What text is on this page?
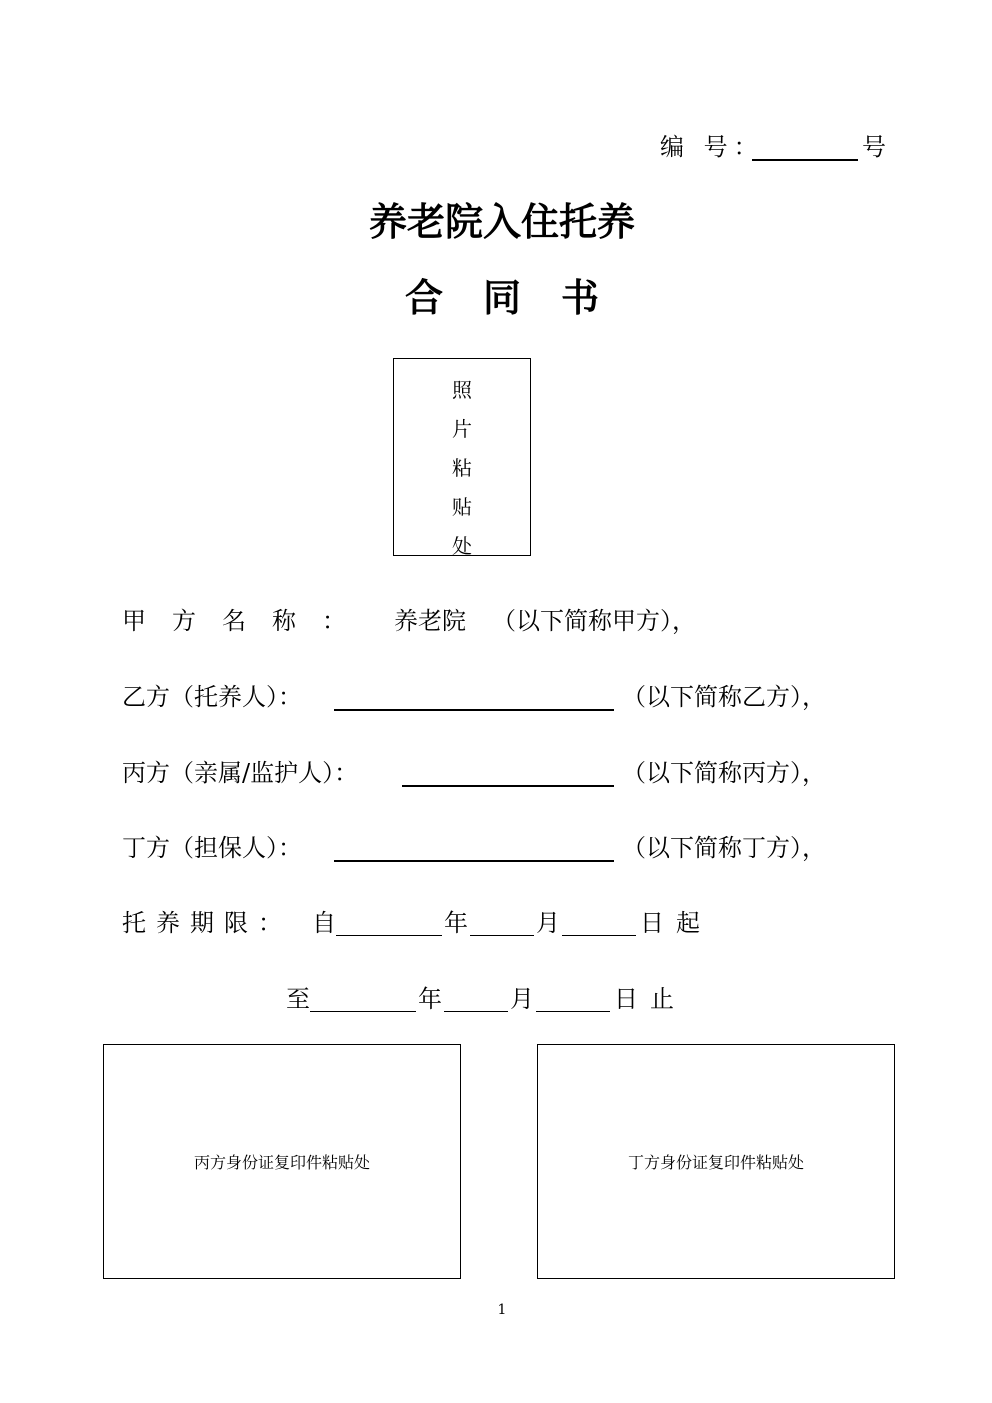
编 号：	号
养老院入住托养
合同书
照
片
粘
贴
处
甲方名称： 养老院 （以下简称甲方），
乙方（托养人）：	（以下简称乙方），
丙方（亲属/监护人）：	（以下简称丙方），
丁方（担保人）：	（以下简称丁方），
托养期限： 自	年	月	日 起
至	年	月	日 止
丙方身份证复印件粘贴处	丁方身份证复印件粘贴处
1
